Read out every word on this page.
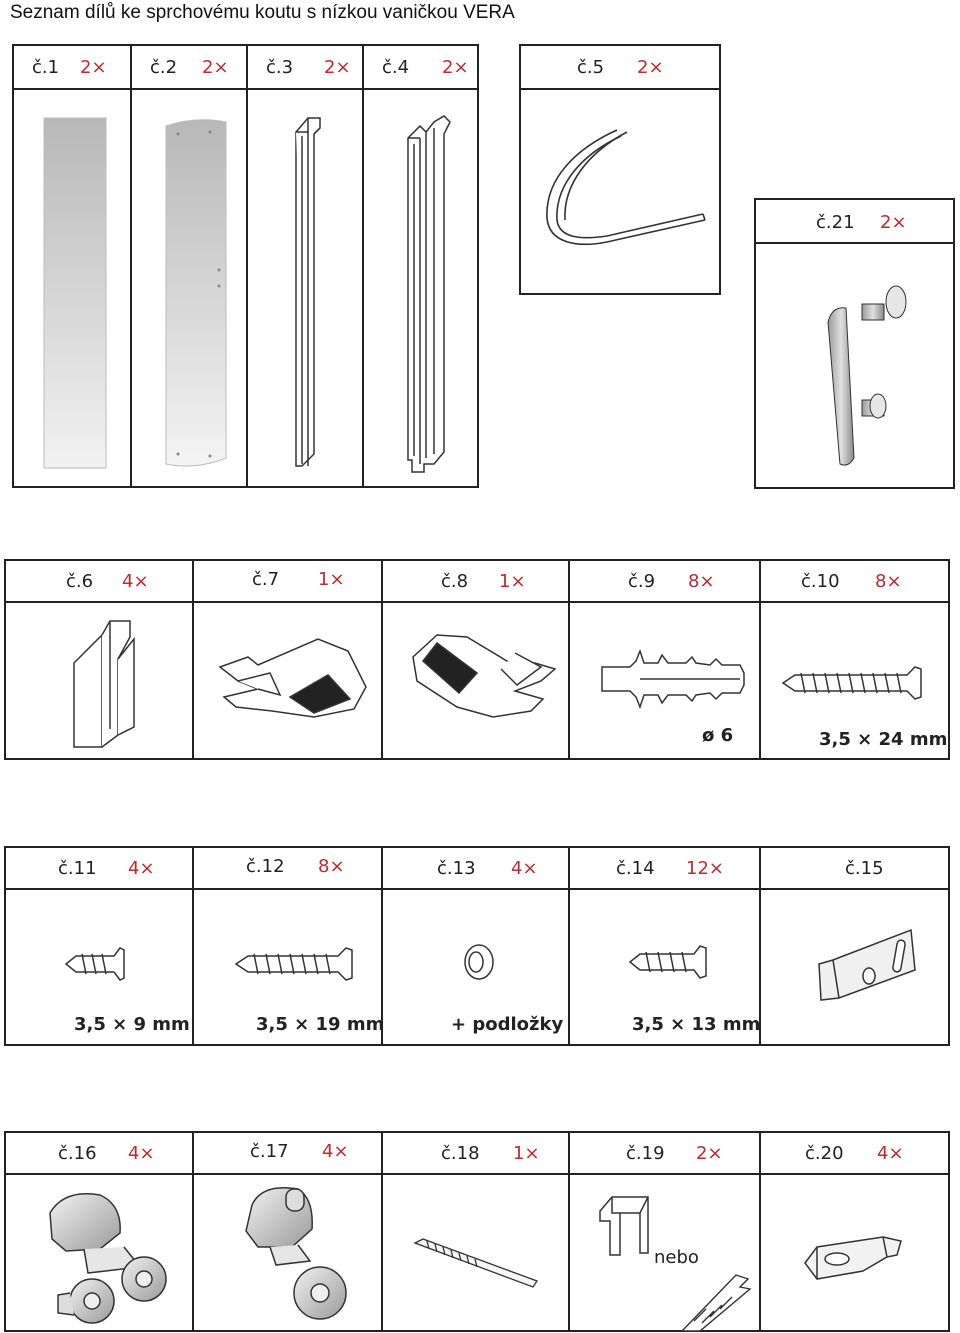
Seznam dílů ke sprchovému koutu s nízkou vaničkou VERA
č.1 2× č.2 2× č.3 2× č.4 2×	č.5 2×
č.21 2×
č.6 4×	č.7 1×	č.8 1×	č.9 8×
ø 6
č.10 8×
3,5 × 24 mm
č.11 4×
3,5 × 9 mm
č.12 8×
3,5 × 19 mm
č.13 4×
+ podložky
č.14 12×
3,5 × 13 mm
č.15
č.16 4×	č.17 4×	č.18 1×	č.19 2×
nebo
č.20 4×
